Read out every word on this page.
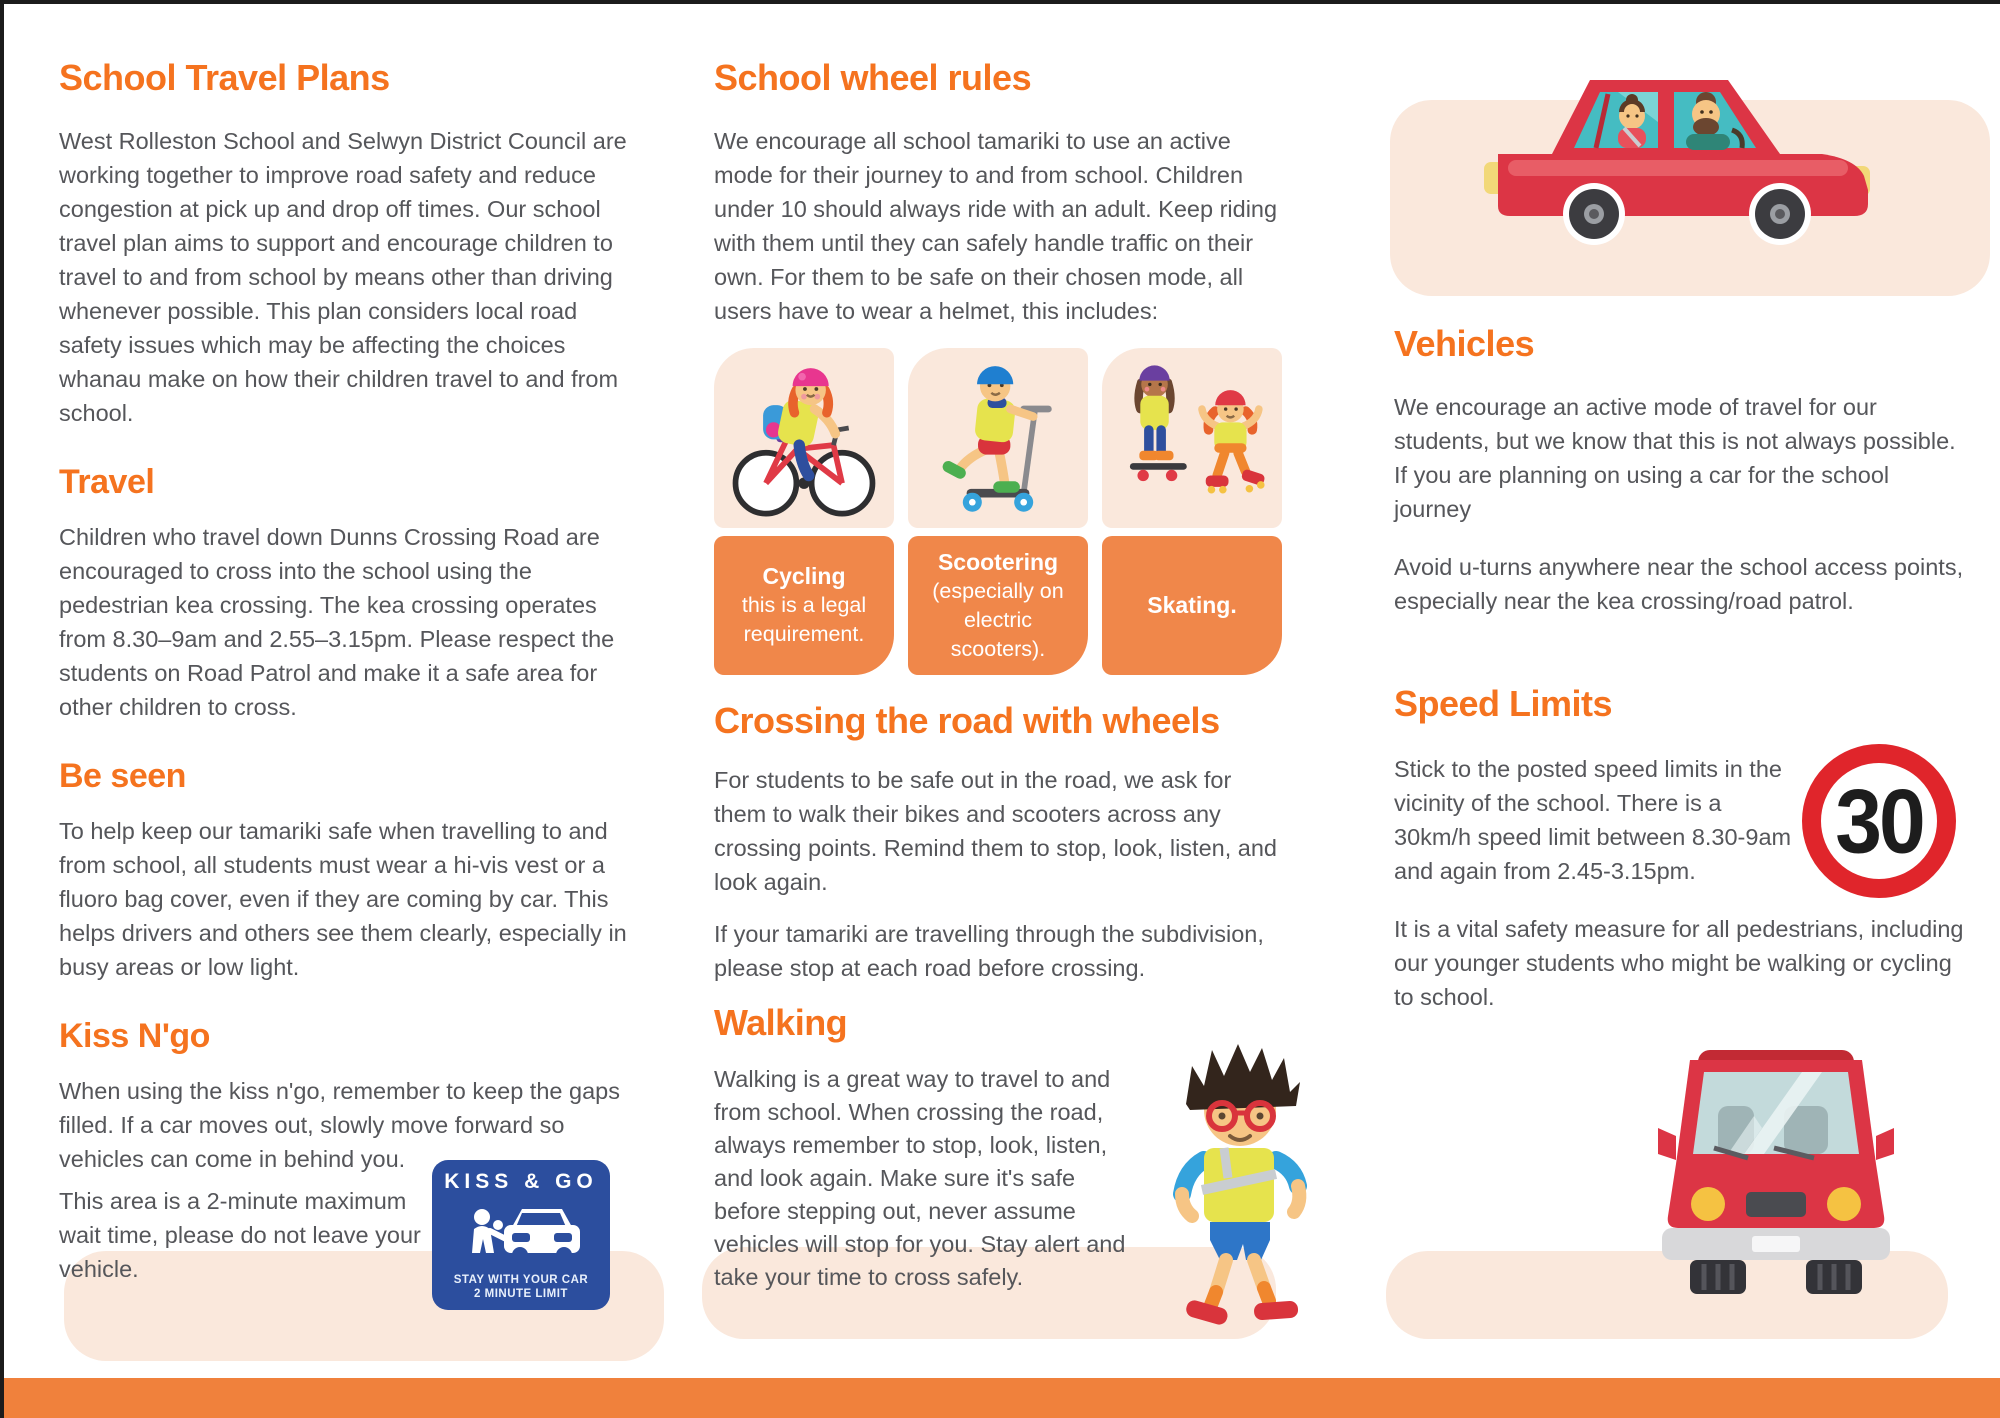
School Travel Plans

West Rolleston School and Selwyn District Council are working together to improve road safety and reduce congestion at pick up and drop off times. Our school travel plan aims to support and encourage children to travel to and from school by means other than driving whenever possible. This plan considers local road safety issues which may be affecting the choices whanau make on how their children travel to and from school.

Travel

Children who travel down Dunns Crossing Road are encouraged to cross into the school using the pedestrian kea crossing. The kea crossing operates from 8.30–9am and 2.55–3.15pm. Please respect the students on Road Patrol and make it a safe area for other children to cross.

Be seen

To help keep our tamariki safe when travelling to and from school, all students must wear a hi-vis vest or a fluoro bag cover, even if they are coming by car. This helps drivers and others see them clearly, especially in busy areas or low light.

Kiss N'go

When using the kiss n'go, remember to keep the gaps filled. If a car moves out, slowly move forward so vehicles can come in behind you.

This area is a 2-minute maximum wait time, please do not leave your vehicle.

KISS & GO
STAY WITH YOUR CAR
2 MINUTE LIMIT
School wheel rules

We encourage all school tamariki to use an active mode for their journey to and from school. Children under 10 should always ride with an adult. Keep riding with them until they can safely handle traffic on their own. For them to be safe on their chosen mode, all users have to wear a helmet, this includes:

Cycling
this is a legal requirement.
Scootering
(especially on electric scooters).
Skating.
Crossing the road with wheels

For students to be safe out in the road, we ask for them to walk their bikes and scooters across any crossing points. Remind them to stop, look, listen, and look again.

If your tamariki are travelling through the subdivision, please stop at each road before crossing.

Walking

Walking is a great way to travel to and from school. When crossing the road, always remember to stop, look, listen, and look again. Make sure it's safe before stepping out, never assume vehicles will stop for you. Stay alert and take your time to cross safely.

Vehicles

We encourage an active mode of travel for our students, but we know that this is not always possible. If you are planning on using a car for the school journey

Avoid u-turns anywhere near the school access points, especially near the kea crossing/road patrol.

Speed Limits

Stick to the posted speed limits in the vicinity of the school. There is a 30km/h speed limit between 8.30-9am and again from 2.45-3.15pm.

It is a vital safety measure for all pedestrians, including our younger students who might be walking or cycling to school.

30
